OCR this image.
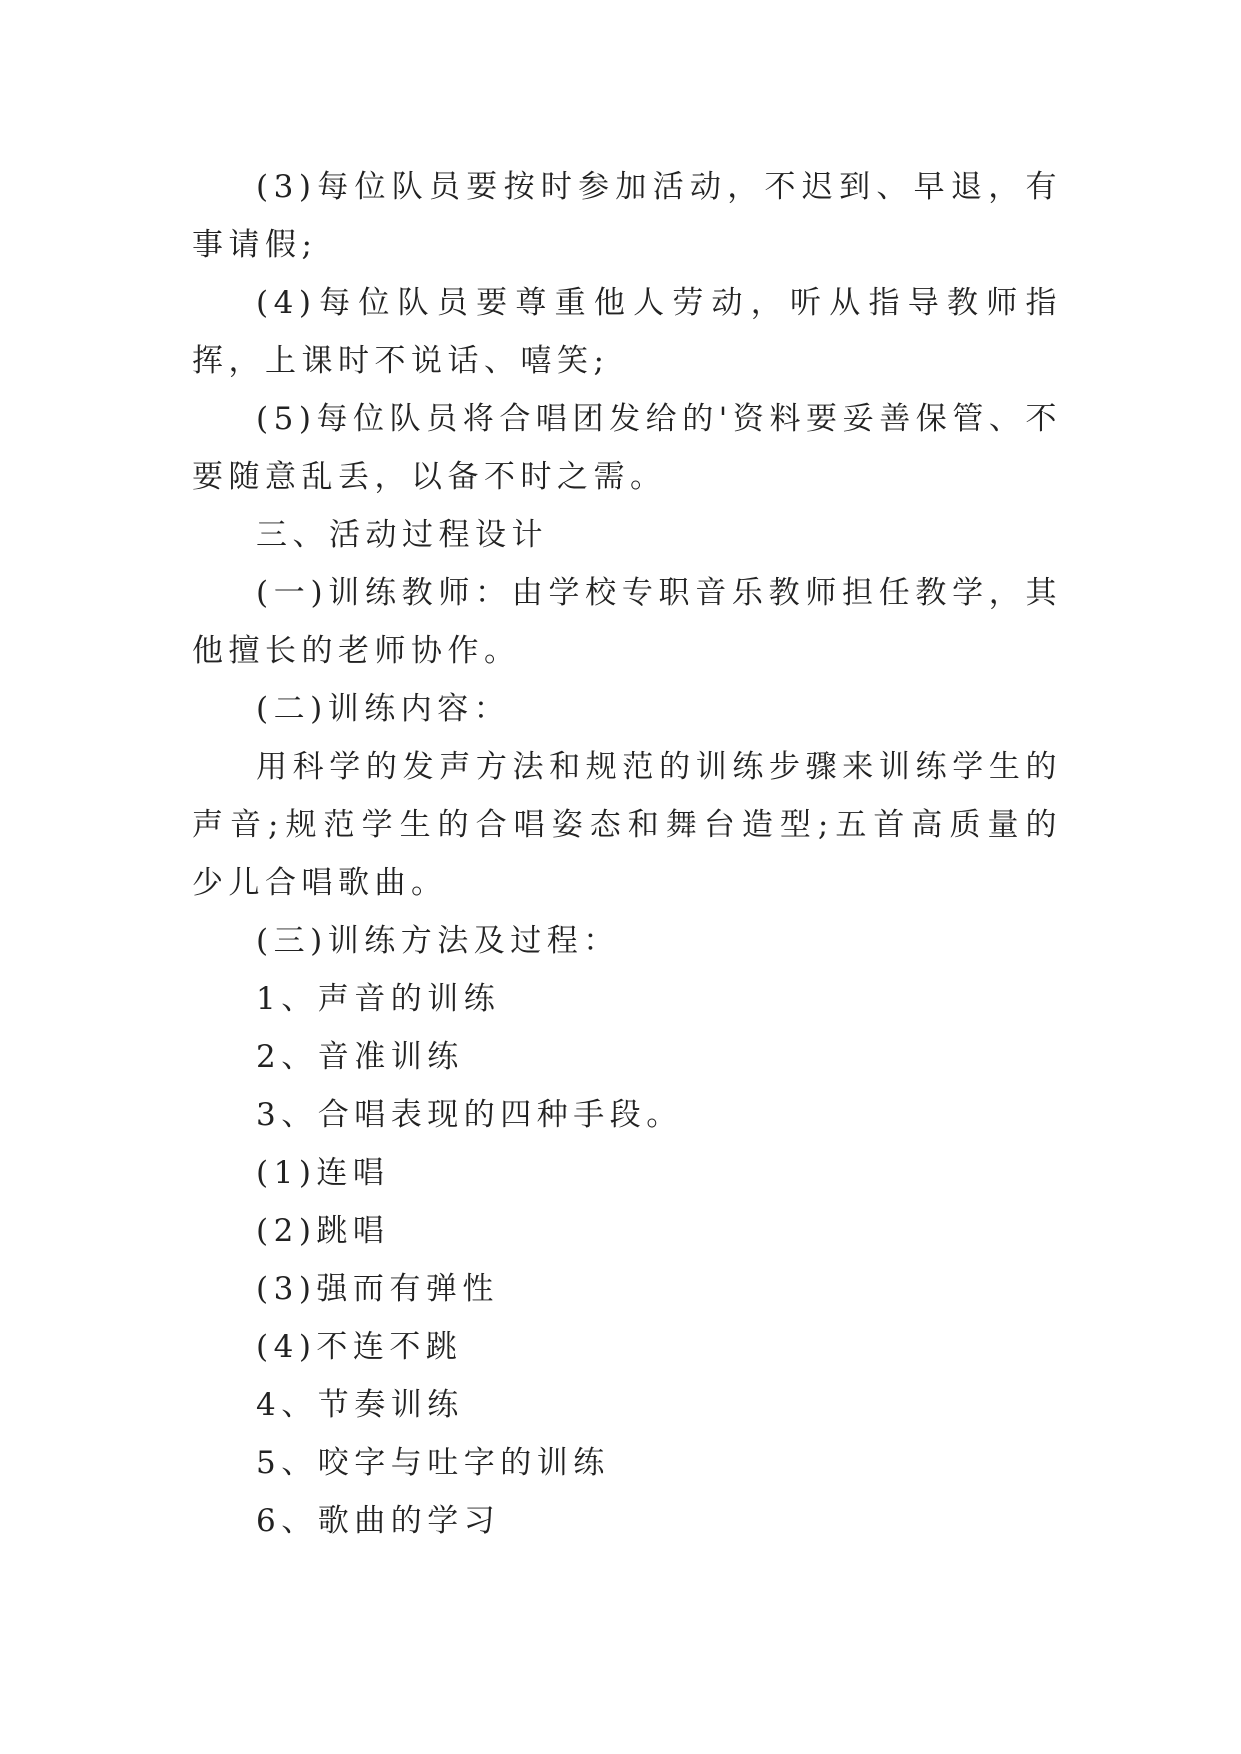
(3)每位队员要按时参加活动，不迟到、早退，有事请假;

(4)每位队员要尊重他人劳动，听从指导教师指挥，上课时不说话、嘻笑;

(5)每位队员将合唱团发给的'资料要妥善保管、不要随意乱丢，以备不时之需。

三、活动过程设计

(一)训练教师：由学校专职音乐教师担任教学，其他擅长的老师协作。

(二)训练内容：

用科学的发声方法和规范的训练步骤来训练学生的声音;规范学生的合唱姿态和舞台造型;五首高质量的少儿合唱歌曲。

(三)训练方法及过程：

1、声音的训练

2、音准训练

3、合唱表现的四种手段。

(1)连唱

(2)跳唱

(3)强而有弹性

(4)不连不跳

4、节奏训练

5、咬字与吐字的训练

6、歌曲的学习
